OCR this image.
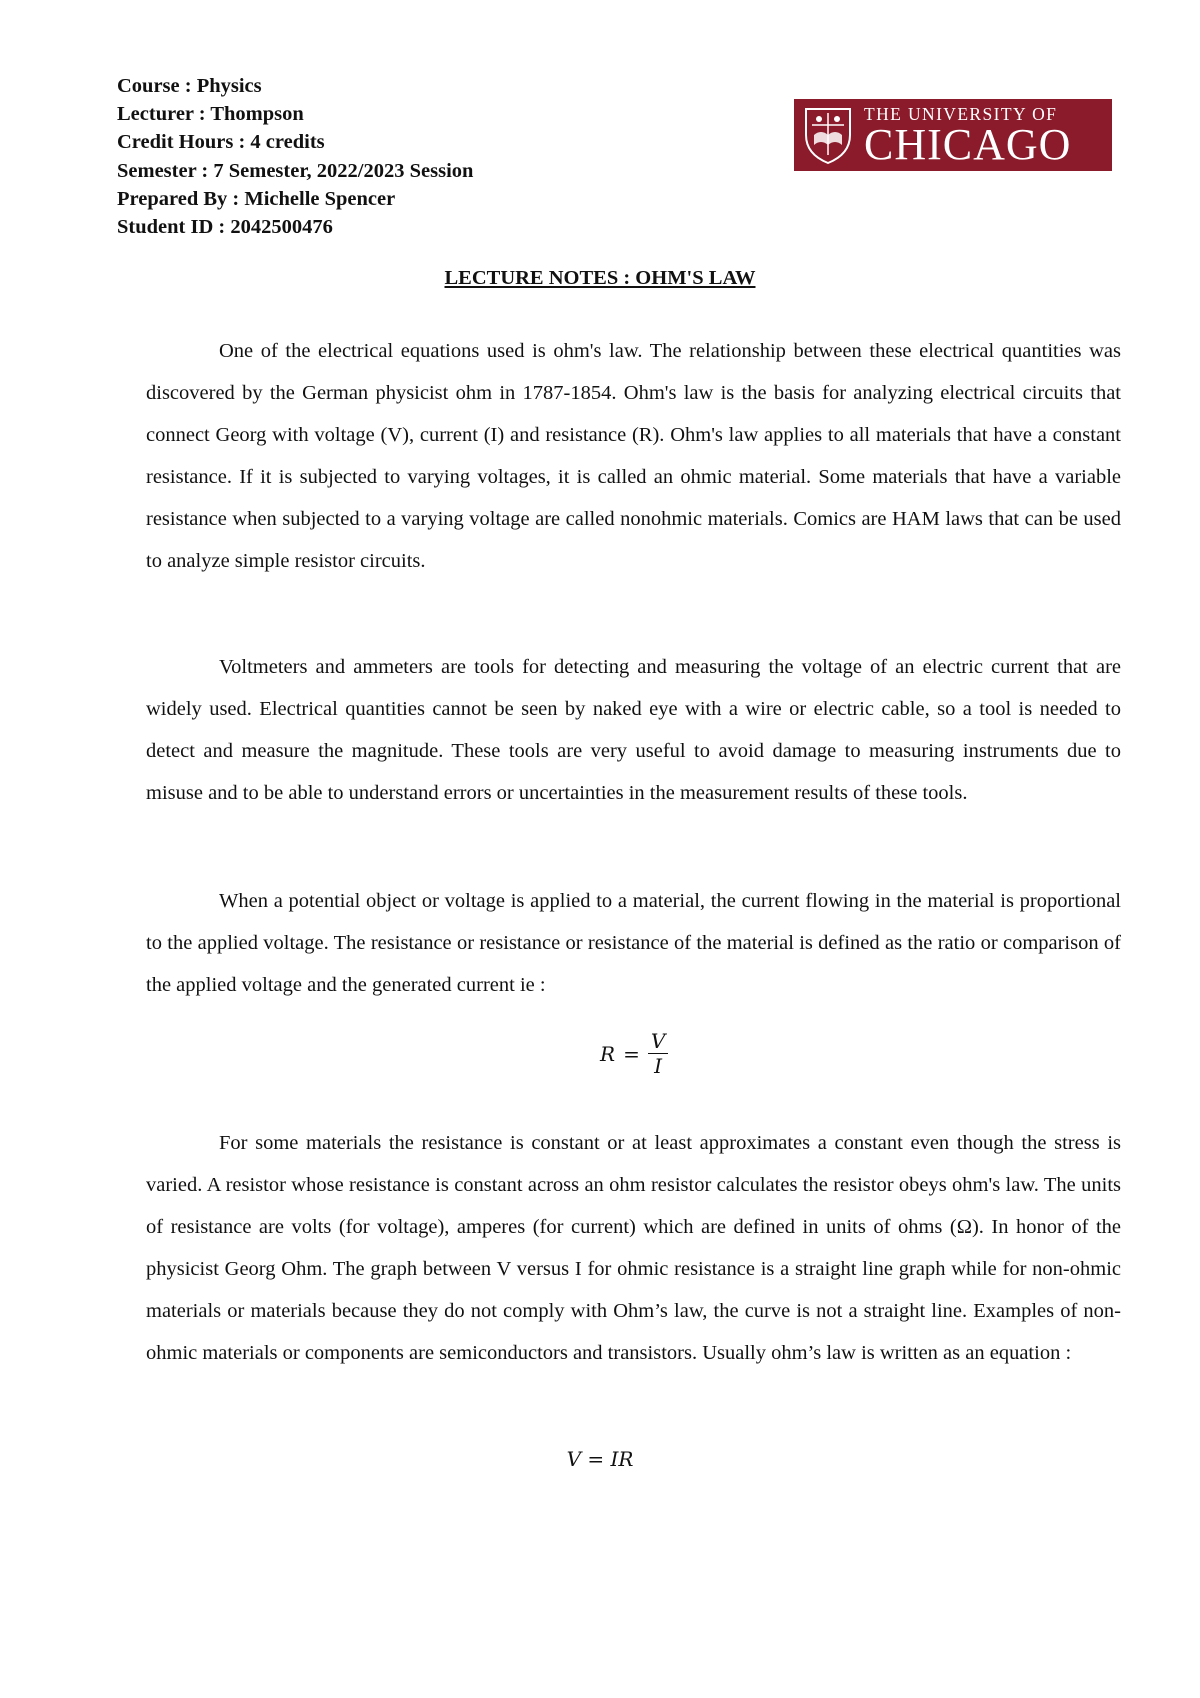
Course : Physics
Lecturer : Thompson
Credit Hours : 4 credits
Semester : 7 Semester, 2022/2023 Session
Prepared By : Michelle Spencer
Student ID : 2042500476
THE UNIVERSITY OF
CHICAGO
LECTURE NOTES : OHM'S LAW

One of the electrical equations used is ohm's law. The relationship between these electrical quantities was discovered by the German physicist ohm in 1787-1854. Ohm's law is the basis for analyzing electrical circuits that connect Georg with voltage (V), current (I) and resistance (R). Ohm's law applies to all materials that have a constant resistance. If it is subjected to varying voltages, it is called an ohmic material. Some materials that have a variable resistance when subjected to a varying voltage are called nonohmic materials. Comics are HAM laws that can be used to analyze simple resistor circuits.

Voltmeters and ammeters are tools for detecting and measuring the voltage of an electric current that are widely used. Electrical quantities cannot be seen by naked eye with a wire or electric cable, so a tool is needed to detect and measure the magnitude. These tools are very useful to avoid damage to measuring instruments due to misuse and to be able to understand errors or uncertainties in the measurement results of these tools.

When a potential object or voltage is applied to a material, the current flowing in the material is proportional to the applied voltage. The resistance or resistance or resistance of the material is defined as the ratio or comparison of the applied voltage and the generated current ie :

$R = \frac{V}{I}$

For some materials the resistance is constant or at least approximates a constant even though the stress is varied. A resistor whose resistance is constant across an ohm resistor calculates the resistor obeys ohm's law. The units of resistance are volts (for voltage), amperes (for current) which are defined in units of ohms (Ω). In honor of the physicist Georg Ohm. The graph between V versus I for ohmic resistance is a straight line graph while for non-ohmic materials or materials because they do not comply with Ohm’s law, the curve is not a straight line. Examples of non-ohmic materials or components are semiconductors and transistors. Usually ohm’s law is written as an equation :

V = IR
